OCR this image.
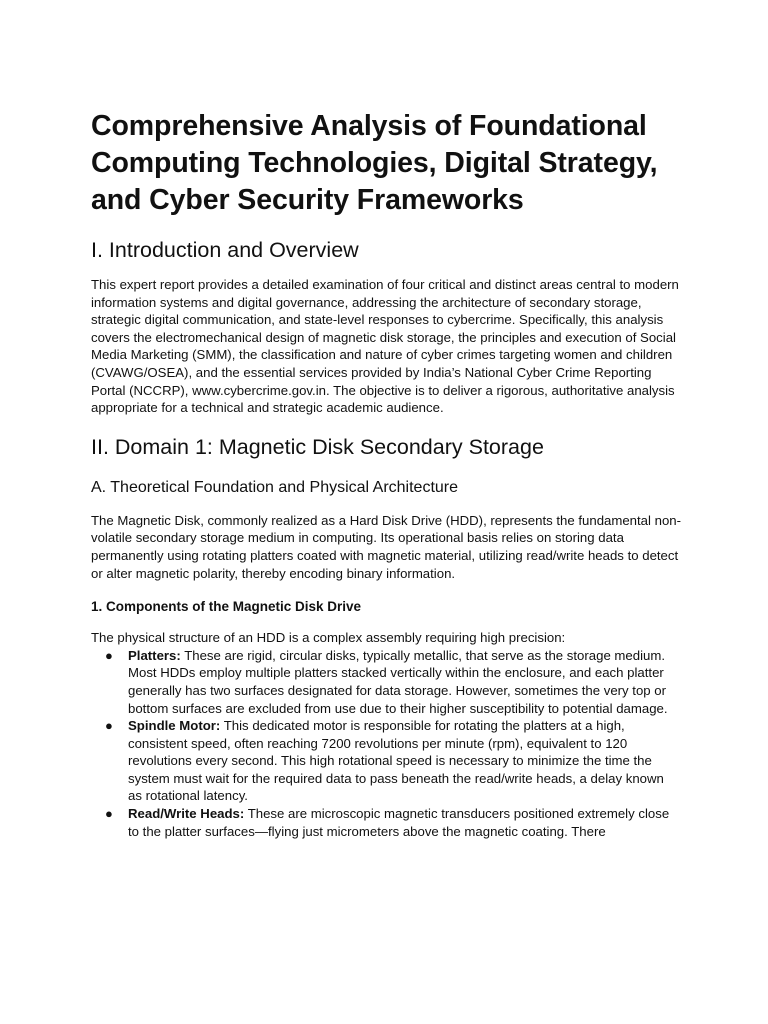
Comprehensive Analysis of Foundational Computing Technologies, Digital Strategy, and Cyber Security Frameworks
I. Introduction and Overview

This expert report provides a detailed examination of four critical and distinct areas central to modern information systems and digital governance, addressing the architecture of secondary storage, strategic digital communication, and state-level responses to cybercrime. Specifically, this analysis covers the electromechanical design of magnetic disk storage, the principles and execution of Social Media Marketing (SMM), the classification and nature of cyber crimes targeting women and children (CVAWG/OSEA), and the essential services provided by India’s National Cyber Crime Reporting Portal (NCCRP), www.cybercrime.gov.in. The objective is to deliver a rigorous, authoritative analysis appropriate for a technical and strategic academic audience.

II. Domain 1: Magnetic Disk Secondary Storage
A. Theoretical Foundation and Physical Architecture

The Magnetic Disk, commonly realized as a Hard Disk Drive (HDD), represents the fundamental non-volatile secondary storage medium in computing. Its operational basis relies on storing data permanently using rotating platters coated with magnetic material, utilizing read/write heads to detect or alter magnetic polarity, thereby encoding binary information.

1. Components of the Magnetic Disk Drive

The physical structure of an HDD is a complex assembly requiring high precision:

● Platters: These are rigid, circular disks, typically metallic, that serve as the storage medium. Most HDDs employ multiple platters stacked vertically within the enclosure, and each platter generally has two surfaces designated for data storage. However, sometimes the very top or bottom surfaces are excluded from use due to their higher susceptibility to potential damage.
● Spindle Motor: This dedicated motor is responsible for rotating the platters at a high, consistent speed, often reaching 7200 revolutions per minute (rpm), equivalent to 120 revolutions every second. This high rotational speed is necessary to minimize the time the system must wait for the required data to pass beneath the read/write heads, a delay known as rotational latency.
● Read/Write Heads: These are microscopic magnetic transducers positioned extremely close to the platter surfaces—flying just micrometers above the magnetic coating. There
